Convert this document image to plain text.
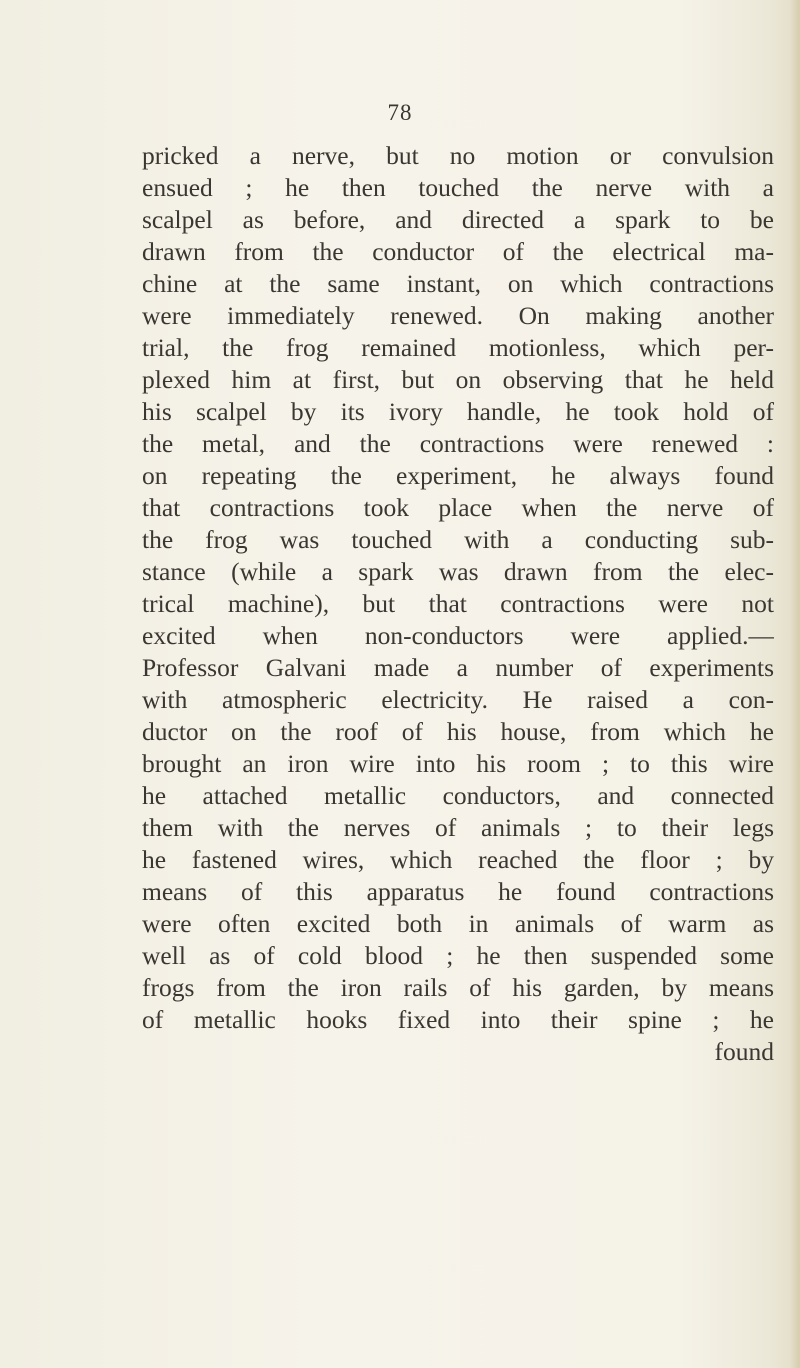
78
pricked a nerve, but no motion or convulsion
ensued ; he then touched the nerve with a
scalpel as before, and directed a spark to be
drawn from the conductor of the electrical ma-
chine at the same instant, on which contractions
were immediately renewed. On making another
trial, the frog remained motionless, which per-
plexed him at first, but on observing that he held
his scalpel by its ivory handle, he took hold of
the metal, and the contractions were renewed :
on repeating the experiment, he always found
that contractions took place when the nerve of
the frog was touched with a conducting sub-
stance (while a spark was drawn from the elec-
trical machine), but that contractions were not
excited when non-conductors were applied.—
Professor Galvani made a number of experiments
with atmospheric electricity. He raised a con-
ductor on the roof of his house, from which he
brought an iron wire into his room ; to this wire
he attached metallic conductors, and connected
them with the nerves of animals ; to their legs
he fastened wires, which reached the floor ; by
means of this apparatus he found contractions
were often excited both in animals of warm as
well as of cold blood ; he then suspended some
frogs from the iron rails of his garden, by means
of metallic hooks fixed into their spine ; he
found
